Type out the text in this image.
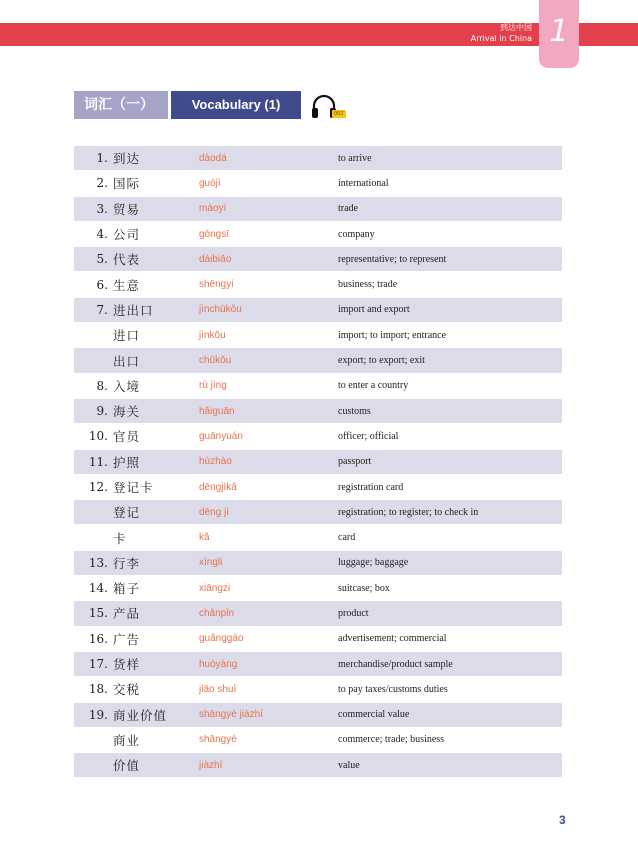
到达中国
Arrival in China 1
词汇（一）	Vocabulary (1)
002
1. 到达	dàodá	to arrive
2. 国际	guójì	international
3. 贸易	màoyì	trade
4. 公司	gōngsī	company
5. 代表	dàibiǎo	representative; to represent
6. 生意	shēngyi	business; trade
7. 进出口	jìnchūkǒu	import and export
进口	jìnkǒu	import; to import; entrance
出口	chūkǒu	export; to export; exit
8. 入境	rù jìng	to enter a country
9. 海关	hǎiguān	customs
10. 官员	guānyuán	officer; official
11. 护照	hùzhào	passport
12. 登记卡	dēngjìkǎ	registration card
登记	dēng jì	registration; to register; to check in
卡	kǎ	card
13. 行李	xíngli	luggage; baggage
14. 箱子	xiāngzi	suitcase; box
15. 产品	chǎnpǐn	product
16. 广告	guǎnggào	advertisement; commercial
17. 货样	huòyàng	merchandise/product sample
18. 交税	jiāo shuì	to pay taxes/customs duties
19. 商业价值	shāngyè jiàzhí	commercial value
商业	shāngyè	commerce; trade; business
价值	jiàzhí	value
3
